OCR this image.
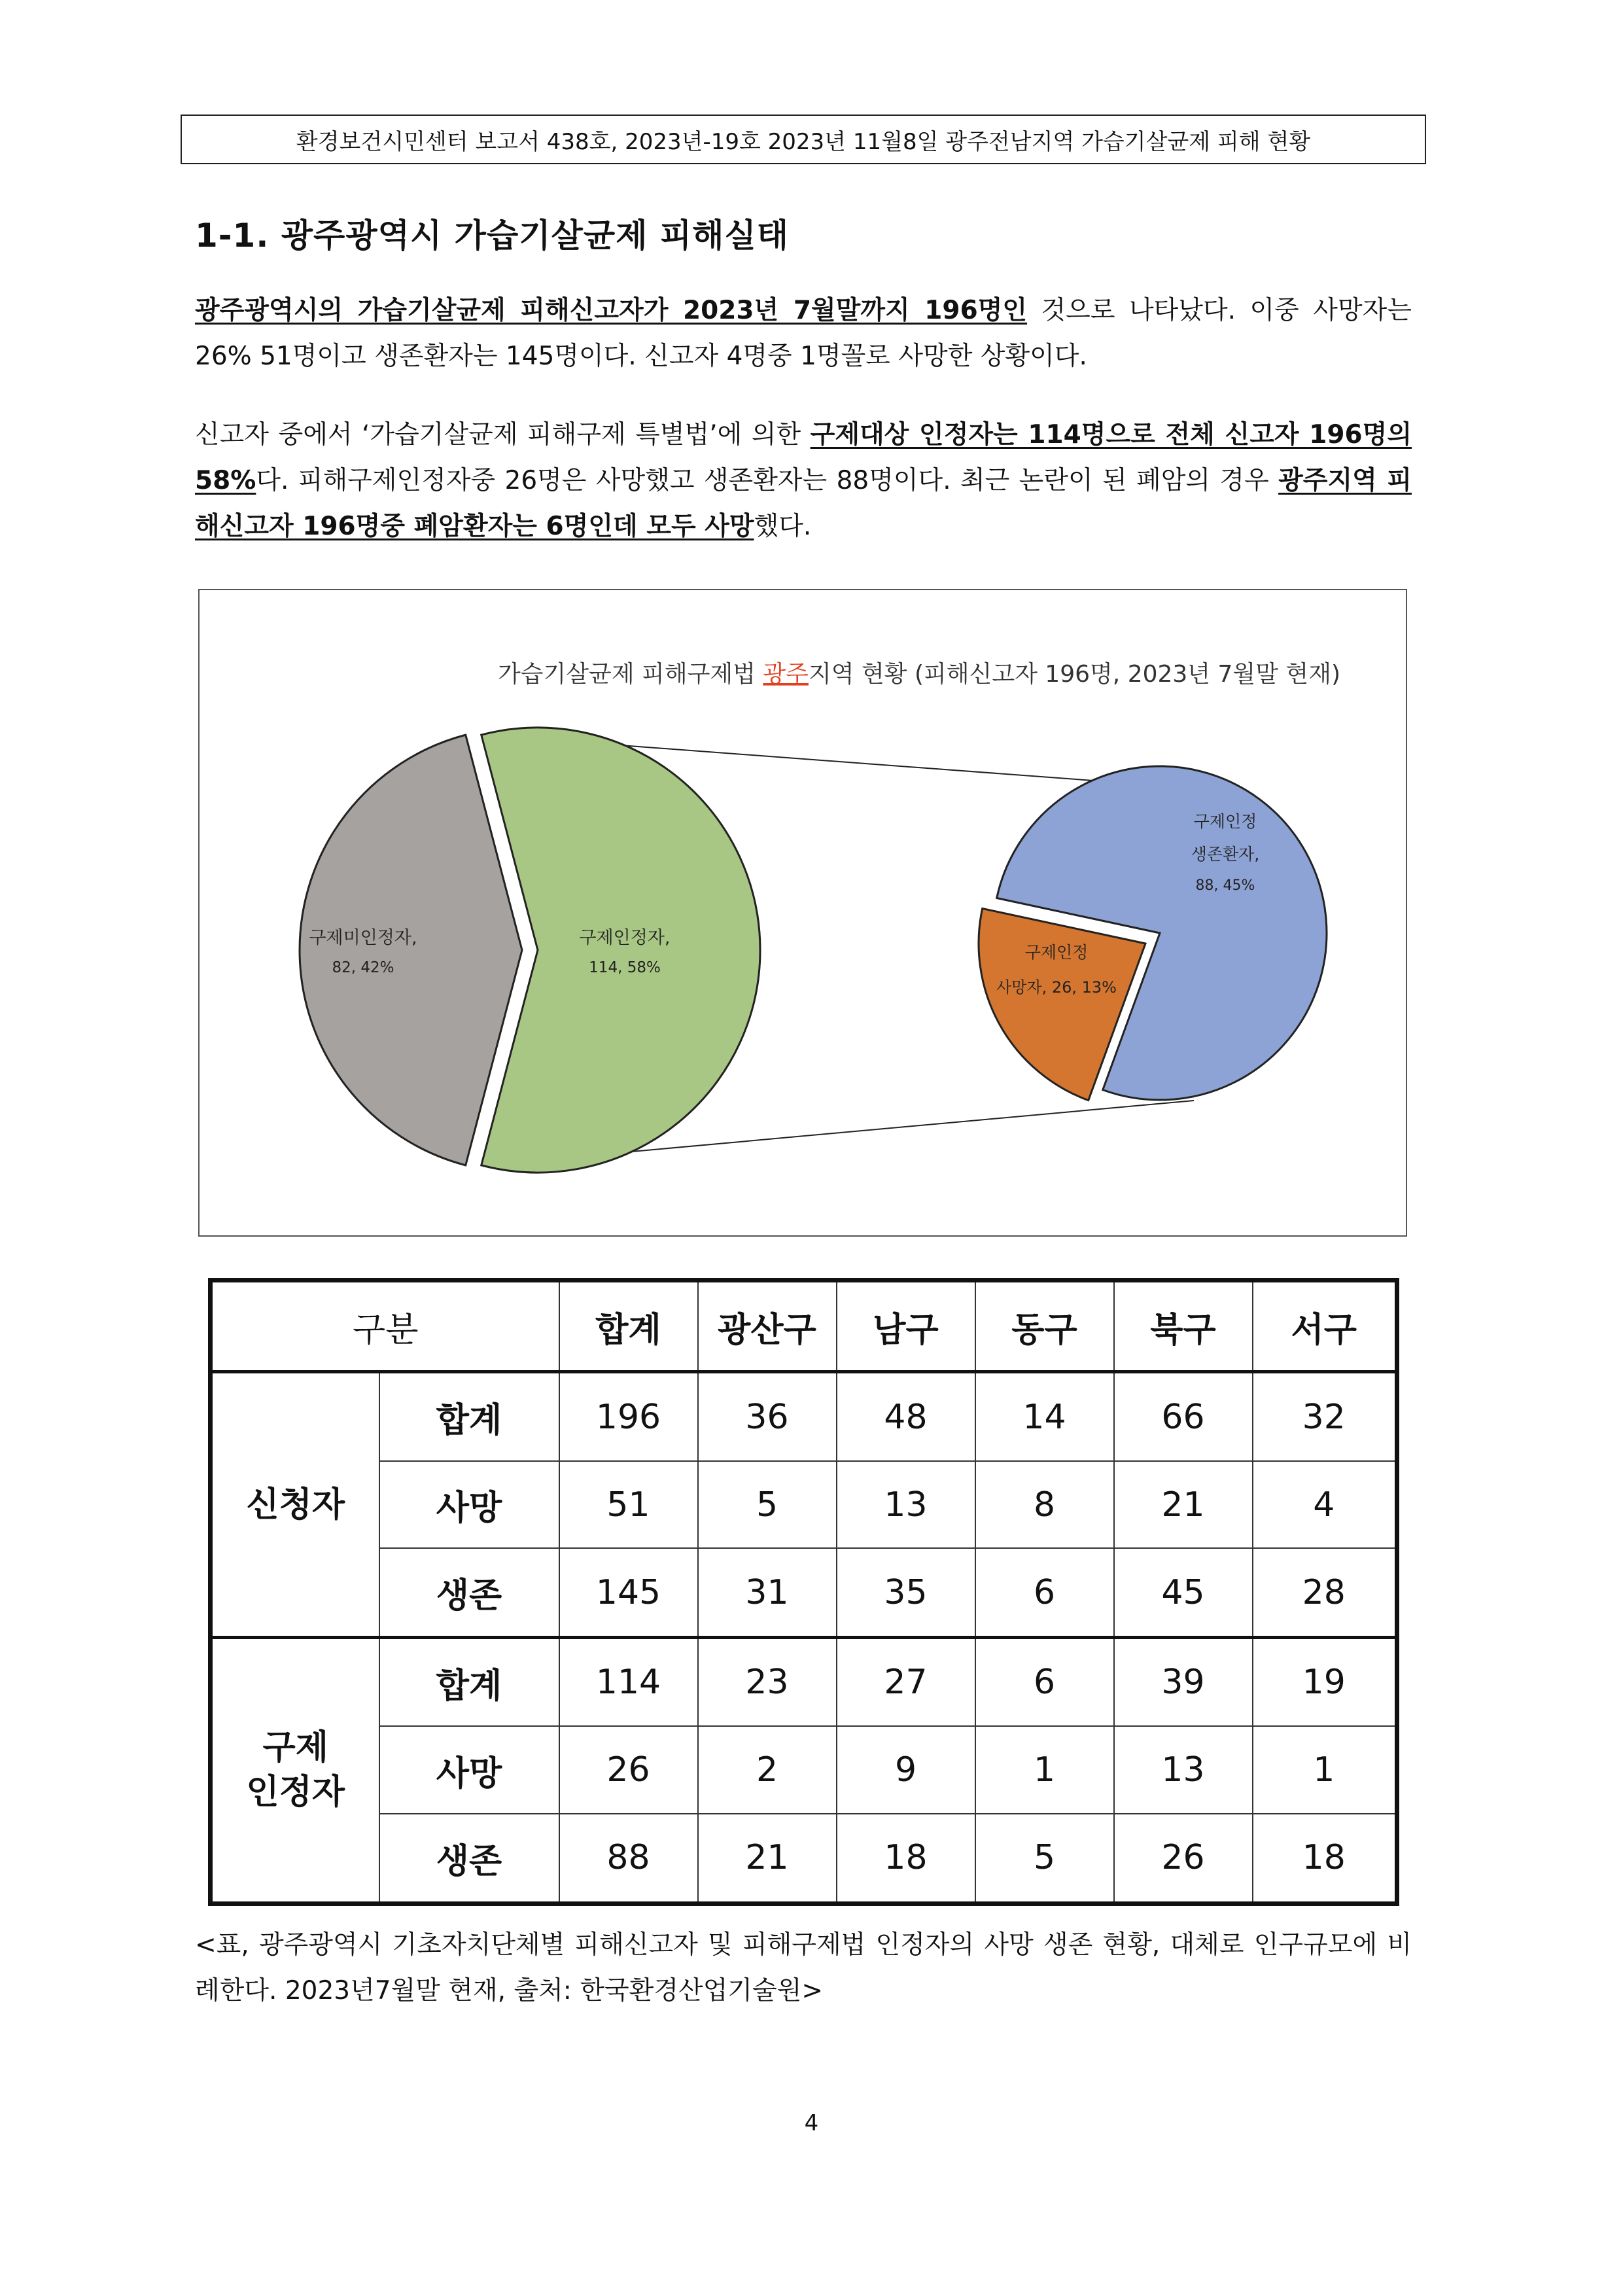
환경보건시민센터 보고서 438호, 2023년-19호 2023년 11월8일 광주전남지역 가습기살균제 피해 현황
1-1. 광주광역시 가습기살균제 피해실태
광주광역시의 가습기살균제 피해신고자가 2023년 7월말까지 196명인 것으로 나타났다. 이중 사망자는 26% 51명이고 생존환자는 145명이다. 신고자 4명중 1명꼴로 사망한 상황이다.
신고자 중에서 ‘가습기살균제 피해구제 특별법’에 의한 구제대상 인정자는 114명으로 전체 신고자 196명의 58%다. 피해구제인정자중 26명은 사망했고 생존환자는 88명이다. 최근 논란이 된 폐암의 경우 광주지역 피해신고자 196명중 폐암환자는 6명인데 모두 사망했다.
가습기살균제 피해구제법 광주지역 현황 (피해신고자 196명, 2023년 7월말 현재)
구제인정자,
114, 58%
구제미인정자,
82, 42%
구제인정
생존환자,
88, 45%
구제인정
사망자, 26, 13%
구분		합계	광산구	남구	동구	북구	서구
신청자	합계	196	36	48	14	66	32
	사망	51	5	13	8	21	4
	생존	145	31	35	6	45	28
구제
인정자	합계	114	23	27	6	39	19
	사망	26	2	9	1	13	1
	생존	88	21	18	5	26	18
<표, 광주광역시 기초자치단체별 피해신고자 및 피해구제법 인정자의 사망 생존 현황, 대체로 인구규모에 비례한다. 2023년7월말 현재, 출처: 한국환경산업기술원>
4
